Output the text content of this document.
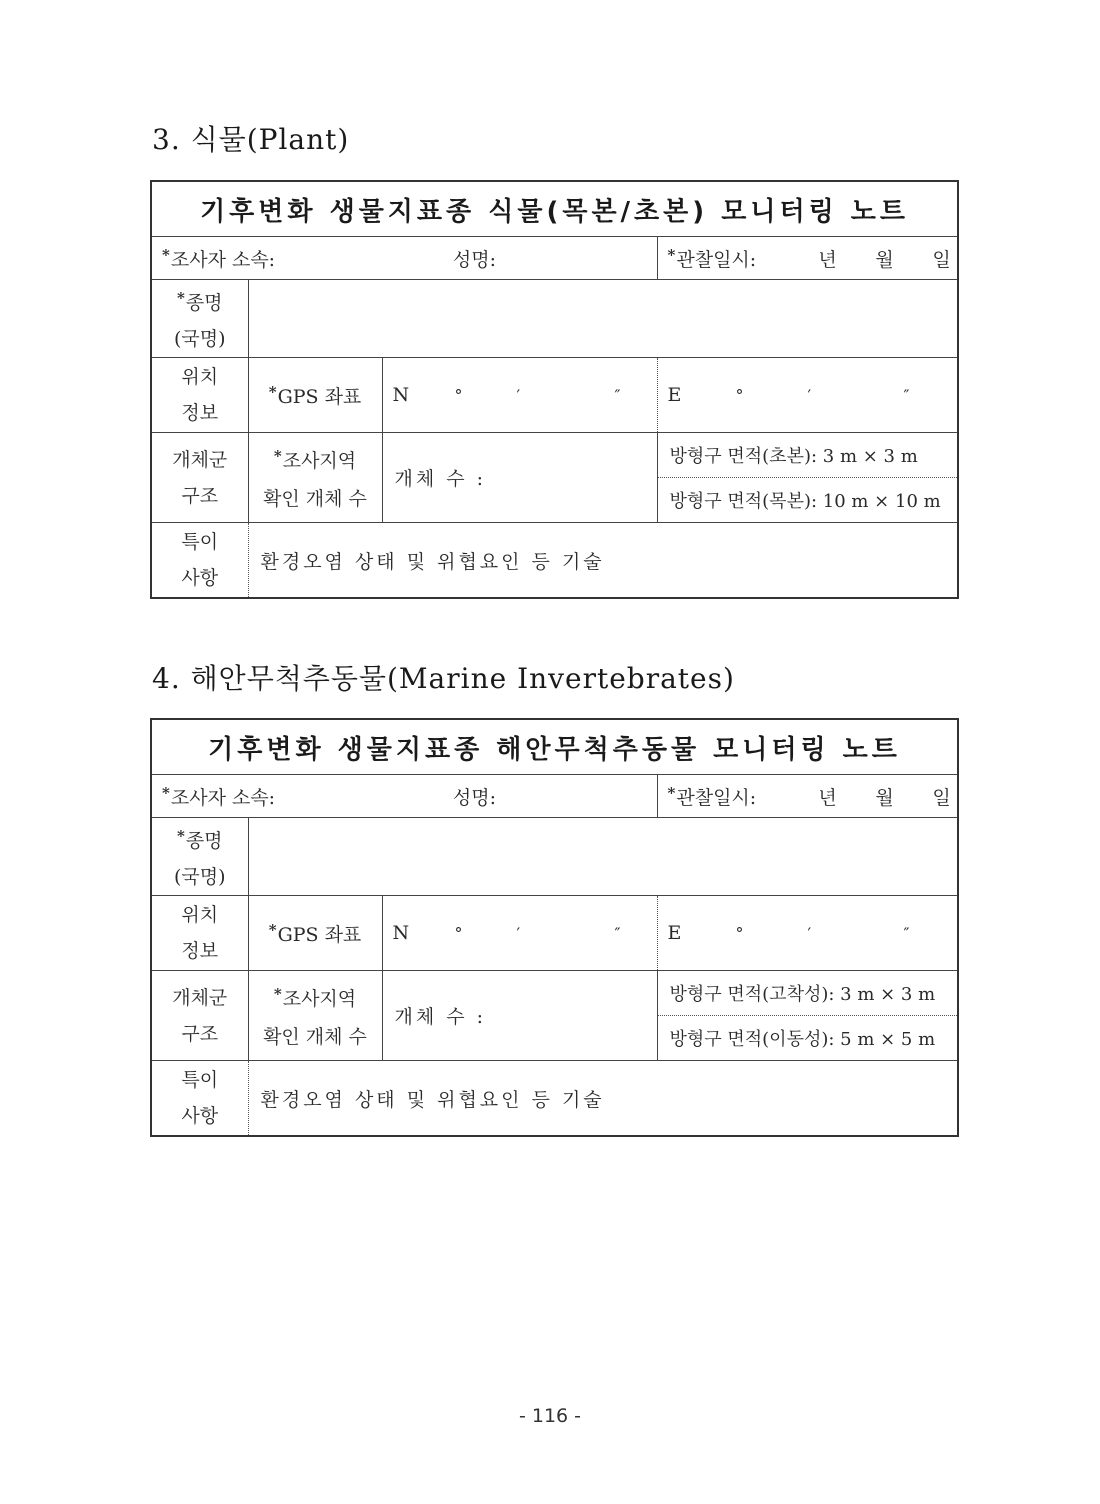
3. 식물(Plant)
기후변화 생물지표종 식물(목본/초본) 모니터링 노트			
*조사자 소속: 성명:			*관찰일시: 년 월 일

*종명
(국명)			

위치
정보	*GPS 좌표	N ° ′ ″	E ° ′ ″

개체군
구조	*조사지역
확인 개체 수	개체 수 :	방형구 면적(초본): 3 m × 3 m
			방형구 면적(목본): 10 m × 10 m

특이
사항	환경오염 상태 및 위협요인 등 기술		
4. 해안무척추동물(Marine Invertebrates)
기후변화 생물지표종 해안무척추동물 모니터링 노트			
*조사자 소속: 성명:			*관찰일시: 년 월 일

*종명
(국명)			

위치
정보	*GPS 좌표	N ° ′ ″	E ° ′ ″

개체군
구조	*조사지역
확인 개체 수	개체 수 :	방형구 면적(고착성): 3 m × 3 m
			방형구 면적(이동성): 5 m × 5 m

특이
사항	환경오염 상태 및 위협요인 등 기술		
- 116 -
